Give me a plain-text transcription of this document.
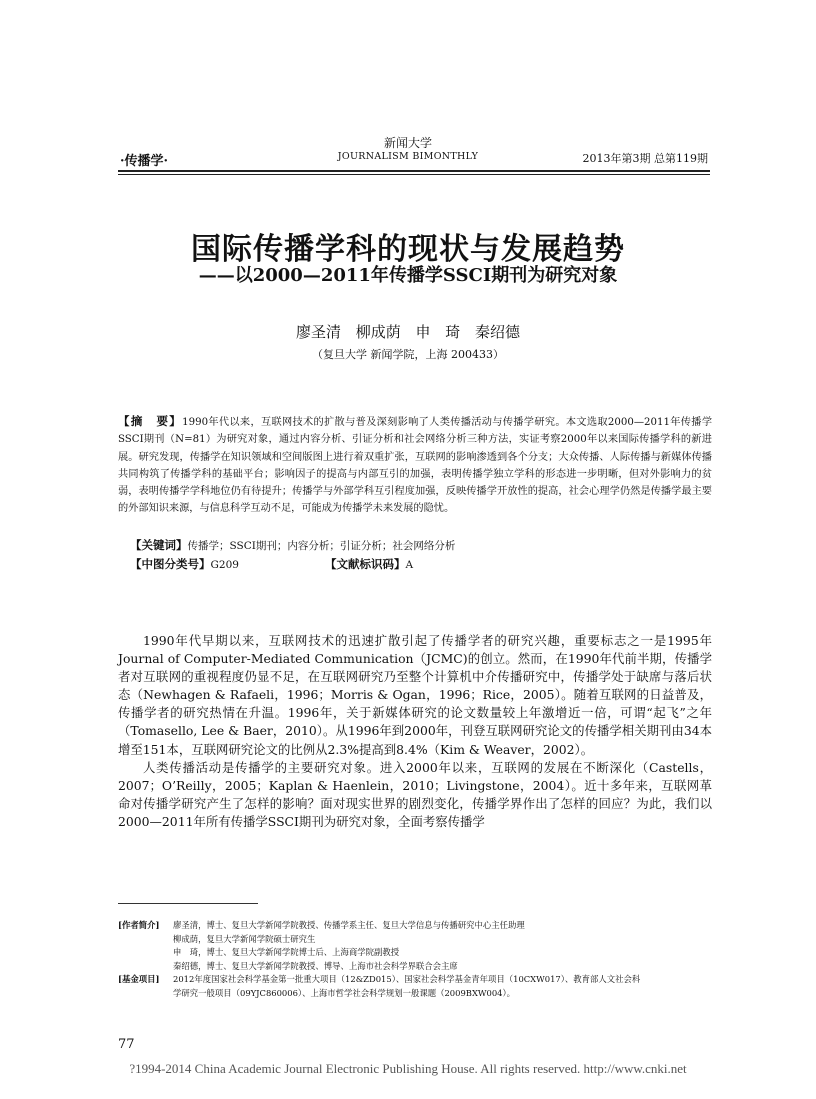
新闻大学
JOURNALISM BIMONTHLY
·传播学·	2013年第3期 总第119期
国际传播学科的现状与发展趋势
——以2000—2011年传播学SSCI期刊为研究对象
廖圣清 柳成荫 申 琦 秦绍德
（复旦大学 新闻学院，上海 200433）
【摘　要】1990年代以来，互联网技术的扩散与普及深刻影响了人类传播活动与传播学研究。本文选取2000—2011年传播学SSCI期刊（N=81）为研究对象，通过内容分析、引证分析和社会网络分析三种方法，实证考察2000年以来国际传播学科的新进展。研究发现，传播学在知识领域和空间版图上进行着双重扩张，互联网的影响渗透到各个分支；大众传播、人际传播与新媒体传播共同构筑了传播学科的基础平台；影响因子的提高与内部互引的加强，表明传播学独立学科的形态进一步明晰，但对外影响力的贫弱，表明传播学学科地位仍有待提升；传播学与外部学科互引程度加强，反映传播学开放性的提高，社会心理学仍然是传播学最主要的外部知识来源，与信息科学互动不足，可能成为传播学未来发展的隐忧。
【关键词】传播学；SSCI期刊；内容分析；引证分析；社会网络分析
【中图分类号】G209	【文献标识码】A

1990年代早期以来，互联网技术的迅速扩散引起了传播学者的研究兴趣，重要标志之一是1995年Journal of Computer-Mediated Communication（JCMC)的创立。然而，在1990年代前半期，传播学者对互联网的重视程度仍显不足，在互联网研究乃至整个计算机中介传播研究中，传播学处于缺席与落后状态（Newhagen & Rafaeli，1996；Morris & Ogan，1996；Rice，2005）。随着互联网的日益普及，传播学者的研究热情在升温。1996年，关于新媒体研究的论文数量较上年激增近一倍，可谓“起飞”之年（Tomasello, Lee & Baer，2010）。从1996年到2000年，刊登互联网研究论文的传播学相关期刊由34本增至151本，互联网研究论文的比例从2.3%提高到8.4%（Kim & Weaver，2002）。

人类传播活动是传播学的主要研究对象。进入2000年以来，互联网的发展在不断深化（Castells，2007；O’Reilly，2005；Kaplan & Haenlein，2010；Livingstone，2004）。近十多年来，互联网革命对传播学研究产生了怎样的影响？面对现实世界的剧烈变化，传播学界作出了怎样的回应？为此，我们以2000—2011年所有传播学SSCI期刊为研究对象，全面考察传播学

[作者简介]	廖圣清，博士、复旦大学新闻学院教授、传播学系主任、复旦大学信息与传播研究中心主任助理
柳成荫，复旦大学新闻学院硕士研究生
申　琦，博士、复旦大学新闻学院博士后、上海商学院副教授
秦绍德，博士、复旦大学新闻学院教授、博导、上海市社会科学界联合会主席
[基金项目]	2012年度国家社会科学基金第一批重大项目（12&ZD015）、国家社会科学基金青年项目（10CXW017）、教育部人文社会科
学研究一般项目（09YJC860006）、上海市哲学社会科学规划一般课题（2009BXW004）。
77
?1994-2014 China Academic Journal Electronic Publishing House. All rights reserved. http://www.cnki.net
